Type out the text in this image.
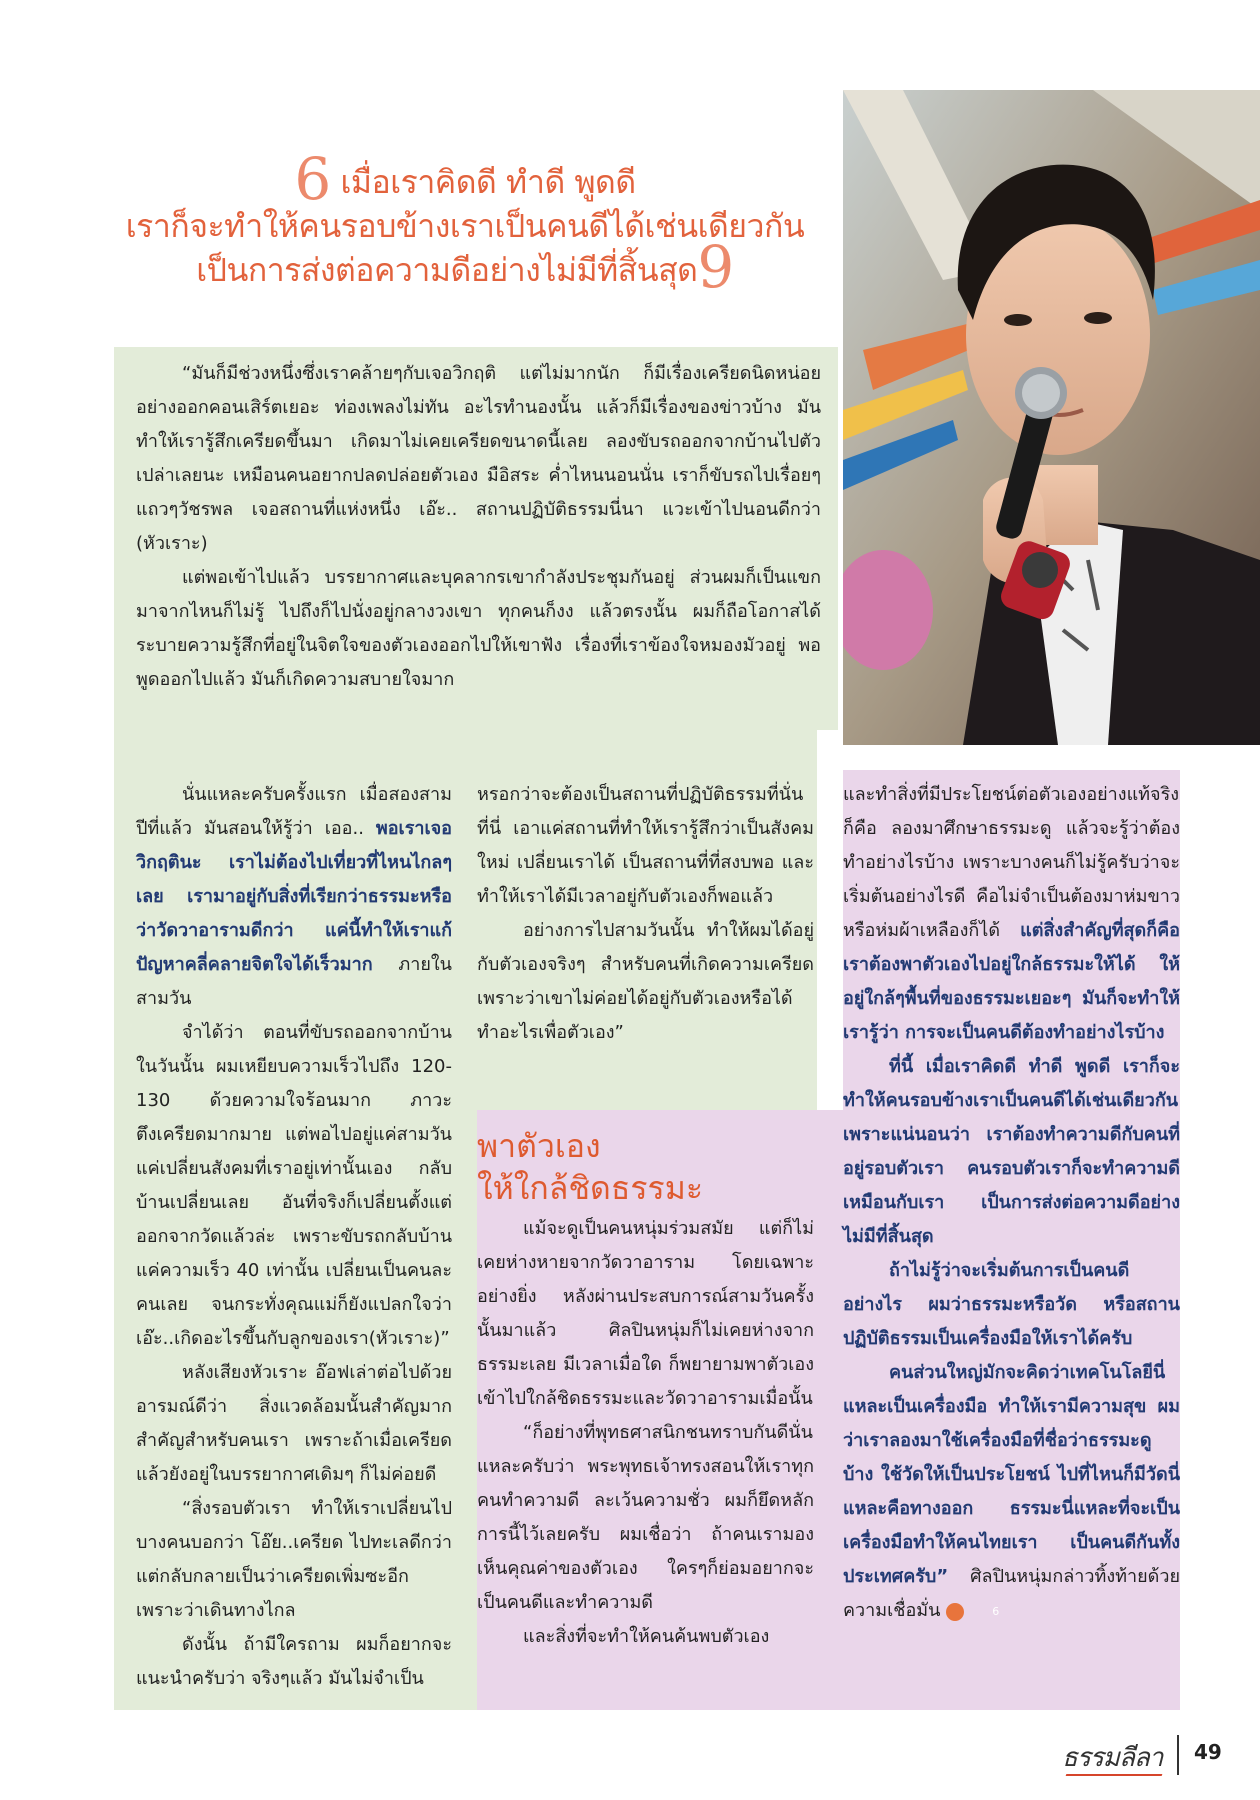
6 เมื่อเราคิดดี ทำดี พูดดี
เราก็จะทำให้คนรอบข้างเราเป็นคนดีได้เช่นเดียวกัน
เป็นการส่งต่อความดีอย่างไม่มีที่สิ้นสุด9

“มันก็มีช่วงหนึ่งซึ่งเราคล้ายๆกับเจอวิกฤติ แต่ไม่มากนัก ก็มีเรื่องเครียดนิดหน่อย อย่างออกคอนเสิร์ตเยอะ ท่องเพลงไม่ทัน อะไรทำนองนั้น แล้วก็มีเรื่องของข่าวบ้าง มันทำให้เรารู้สึกเครียดขึ้นมา เกิดมาไม่เคยเครียดขนาดนี้เลย ลองขับรถออกจากบ้านไปตัวเปล่าเลยนะ เหมือนคนอยากปลดปล่อยตัวเอง มือิสระ ค่ำไหนนอนนั่น เราก็ขับรถไปเรื่อยๆ แถวๆวัชรพล เจอสถานที่แห่งหนึ่ง เอ๊ะ.. สถานปฏิบัติธรรมนี่นา แวะเข้าไปนอนดีกว่า (หัวเราะ)

แต่พอเข้าไปแล้ว บรรยากาศและบุคลากรเขากำลังประชุมกันอยู่ ส่วนผมก็เป็นแขกมาจากไหนก็ไม่รู้ ไปถึงก็ไปนั่งอยู่กลางวงเขา ทุกคนก็งง แล้วตรงนั้น ผมก็ถือโอกาสได้ระบายความรู้สึกที่อยู่ในจิตใจของตัวเองออกไปให้เขาฟัง เรื่องที่เราข้องใจหมองมัวอยู่ พอพูดออกไปแล้ว มันก็เกิดความสบายใจมาก

นั่นแหละครับครั้งแรก เมื่อสองสามปีที่แล้ว มันสอนให้รู้ว่า เออ.. พอเราเจอวิกฤตินะ เราไม่ต้องไปเที่ยวที่ไหนไกลๆ เลย เรามาอยู่กับสิ่งที่เรียกว่าธรรมะหรือว่าวัดวาอารามดีกว่า แค่นี้ทำให้เราแก้ปัญหาคลี่คลายจิตใจได้เร็วมาก ภายในสามวัน

จำได้ว่า ตอนที่ขับรถออกจากบ้านในวันนั้น ผมเหยียบความเร็วไปถึง 120-130 ด้วยความใจร้อนมาก ภาวะตึงเครียดมากมาย แต่พอไปอยู่แค่สามวัน แค่เปลี่ยนสังคมที่เราอยู่เท่านั้นเอง กลับบ้านเปลี่ยนเลย อันที่จริงก็เปลี่ยนตั้งแต่ออกจากวัดแล้วล่ะ เพราะขับรถกลับบ้านแค่ความเร็ว 40 เท่านั้น เปลี่ยนเป็นคนละคนเลย จนกระทั่งคุณแม่ก็ยังแปลกใจว่า เอ๊ะ..เกิดอะไรขึ้นกับลูกของเรา(หัวเราะ)”

หลังเสียงหัวเราะ อ๊อฟเล่าต่อไปด้วยอารมณ์ดีว่า สิ่งแวดล้อมนั้นสำคัญมาก สำคัญสำหรับคนเรา เพราะถ้าเมื่อเครียดแล้วยังอยู่ในบรรยากาศเดิมๆ ก็ไม่ค่อยดี

“สิ่งรอบตัวเรา ทำให้เราเปลี่ยนไป บางคนบอกว่า โอ๊ย..เครียด ไปทะเลดีกว่า แต่กลับกลายเป็นว่าเครียดเพิ่มซะอีก เพราะว่าเดินทางไกล

ดังนั้น ถ้ามีใครถาม ผมก็อยากจะแนะนำครับว่า จริงๆแล้ว มันไม่จำเป็น

หรอกว่าจะต้องเป็นสถานที่ปฏิบัติธรรมที่นั่นที่นี่ เอาแค่สถานที่ทำให้เรารู้สึกว่าเป็นสังคมใหม่ เปลี่ยนเราได้ เป็นสถานที่ที่สงบพอ และทำให้เราได้มีเวลาอยู่กับตัวเองก็พอแล้ว

อย่างการไปสามวันนั้น ทำให้ผมได้อยู่กับตัวเองจริงๆ สำหรับคนที่เกิดความเครียด เพราะว่าเขาไม่ค่อยได้อยู่กับตัวเองหรือได้ทำอะไรเพื่อตัวเอง”

พาตัวเอง
ให้ใกล้ชิดธรรมะ

แม้จะดูเป็นคนหนุ่มร่วมสมัย แต่ก็ไม่เคยห่างหายจากวัดวาอาราม โดยเฉพาะอย่างยิ่ง หลังผ่านประสบการณ์สามวันครั้งนั้นมาแล้ว ศิลปินหนุ่มก็ไม่เคยห่างจากธรรมะเลย มีเวลาเมื่อใด ก็พยายามพาตัวเองเข้าไปใกล้ชิดธรรมะและวัดวาอารามเมื่อนั้น

“ก็อย่างที่พุทธศาสนิกชนทราบกันดีนั่นแหละครับว่า พระพุทธเจ้าทรงสอนให้เราทุกคนทำความดี ละเว้นความชั่ว ผมก็ยึดหลักการนี้ไว้เลยครับ ผมเชื่อว่า ถ้าคนเรามองเห็นคุณค่าของตัวเอง ใครๆก็ย่อมอยากจะเป็นคนดีและทำความดี

และสิ่งที่จะทำให้คนค้นพบตัวเอง

และทำสิ่งที่มีประโยชน์ต่อตัวเองอย่างแท้จริงก็คือ ลองมาศึกษาธรรมะดู แล้วจะรู้ว่าต้องทำอย่างไรบ้าง เพราะบางคนก็ไม่รู้ครับว่าจะเริ่มต้นอย่างไรดี คือไม่จำเป็นต้องมาห่มขาวหรือห่มผ้าเหลืองก็ได้ แต่สิ่งสำคัญที่สุดก็คือ เราต้องพาตัวเองไปอยู่ใกล้ธรรมะให้ได้ ให้อยู่ใกล้ๆพื้นที่ของธรรมะเยอะๆ มันก็จะทำให้เรารู้ว่า การจะเป็นคนดีต้องทำอย่างไรบ้าง

ที่นี้ เมื่อเราคิดดี ทำดี พูดดี เราก็จะทำให้คนรอบข้างเราเป็นคนดีได้เช่นเดียวกัน เพราะแน่นอนว่า เราต้องทำความดีกับคนที่อยู่รอบตัวเรา คนรอบตัวเราก็จะทำความดีเหมือนกับเรา เป็นการส่งต่อความดีอย่างไม่มีที่สิ้นสุด

ถ้าไม่รู้ว่าจะเริ่มต้นการเป็นคนดีอย่างไร ผมว่าธรรมะหรือวัด หรือสถานปฏิบัติธรรมเป็นเครื่องมือให้เราได้ครับ

คนส่วนใหญ่มักจะคิดว่าเทคโนโลยีนี่แหละเป็นเครื่องมือ ทำให้เรามีความสุข ผมว่าเราลองมาใช้เครื่องมือที่ชื่อว่าธรรมะดูบ้าง ใช้วัดให้เป็นประโยชน์ ไปที่ไหนก็มีวัดนี่แหละคือทางออก ธรรมะนี่แหละที่จะเป็นเครื่องมือทำให้คนไทยเรา เป็นคนดีกันทั้งประเทศครับ” ศิลปินหนุ่มกล่าวทิ้งท้ายด้วยความเชื่อมั่น	6

ธรรมลีลา 49
